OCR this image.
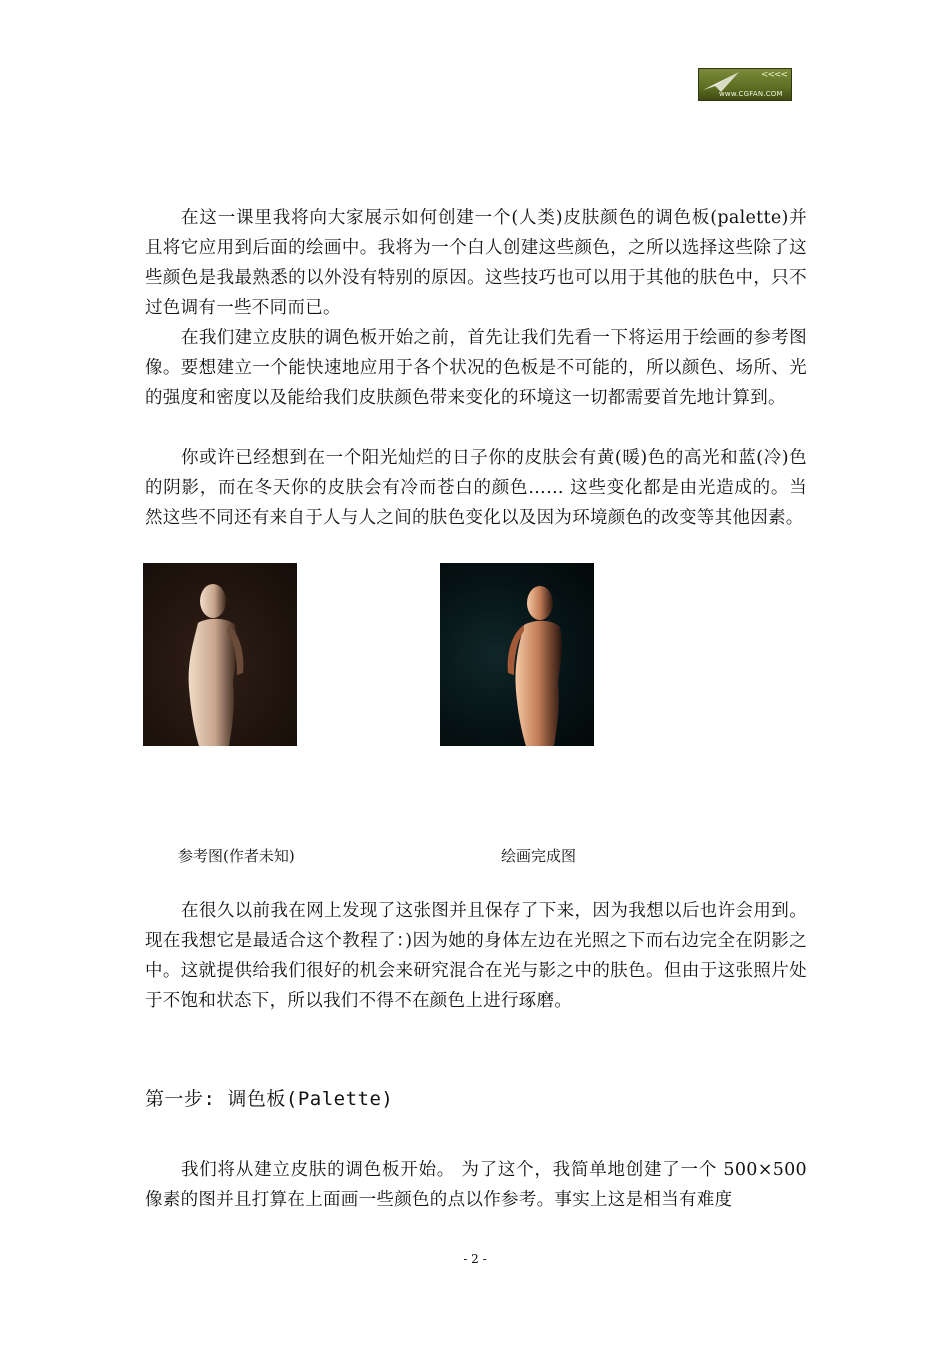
<<<<
www.CGFAN.COM

在这一课里我将向大家展示如何创建一个(人类)皮肤颜色的调色板(palette)并且将它应用到后面的绘画中。我将为一个白人创建这些颜色，之所以选择这些除了这些颜色是我最熟悉的以外没有特别的原因。这些技巧也可以用于其他的肤色中，只不过色调有一些不同而已。

在我们建立皮肤的调色板开始之前，首先让我们先看一下将运用于绘画的参考图像。要想建立一个能快速地应用于各个状况的色板是不可能的，所以颜色、场所、光的强度和密度以及能给我们皮肤颜色带来变化的环境这一切都需要首先地计算到。

你或许已经想到在一个阳光灿烂的日子你的皮肤会有黄(暖)色的高光和蓝(冷)色的阴影，而在冬天你的皮肤会有冷而苍白的颜色…… 这些变化都是由光造成的。当然这些不同还有来自于人与人之间的肤色变化以及因为环境颜色的改变等其他因素。

参考图(作者未知)	绘画完成图

在很久以前我在网上发现了这张图并且保存了下来，因为我想以后也许会用到。现在我想它是最适合这个教程了：)因为她的身体左边在光照之下而右边完全在阴影之中。这就提供给我们很好的机会来研究混合在光与影之中的肤色。但由于这张照片处于不饱和状态下，所以我们不得不在颜色上进行琢磨。

第一步: 调色板(Palette)

我们将从建立皮肤的调色板开始。 为了这个，我简单地创建了一个 500×500 像素的图并且打算在上面画一些颜色的点以作参考。事实上这是相当有难度

- 2 -
